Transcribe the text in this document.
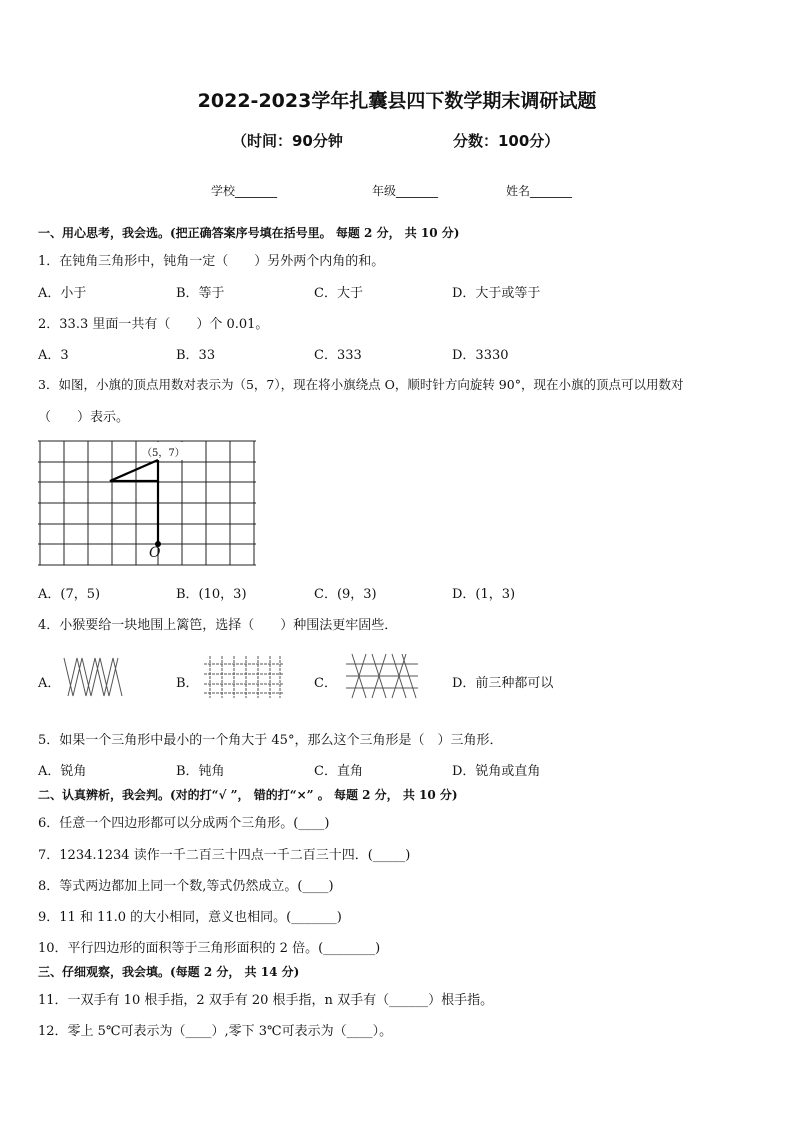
2022-2023学年扎囊县四下数学期末调研试题
（时间：90分钟	分数：100分）
学校_______	年级_______	姓名_______
一、用心思考，我会选。(把正确答案序号填在括号里。 每题 2 分， 共 10 分)
1．在钝角三角形中，钝角一定（　　）另外两个内角的和。
A．小于	B．等于	C．大于	D．大于或等于
2．33.3 里面一共有（　　）个 0.01。
A．3	B．33	C．333	D．3330
3．如图，小旗的顶点用数对表示为（5，7），现在将小旗绕点 O，顺时针方向旋转 90°，现在小旗的顶点可以用数对
（　　）表示。
（5，7）
O
A．(7，5)	B．(10，3)	C．(9，3)	D．(1，3)
4．小猴要给一块地围上篱笆，选择（　　）种围法更牢固些．
A．	B．	C．	D．前三种都可以
5．如果一个三角形中最小的一个角大于 45°，那么这个三角形是（　）三角形．
A．锐角	B．钝角	C．直角	D．锐角或直角
二、认真辨析，我会判。(对的打“√ ”， 错的打“×” 。 每题 2 分， 共 10 分)
6．任意一个四边形都可以分成两个三角形。(____)
7．1234.1234 读作一千二百三十四点一千二百三十四．(_____)
8．等式两边都加上同一个数,等式仍然成立。(____)
9．11 和 11.0 的大小相同，意义也相同。(_______)
10．平行四边形的面积等于三角形面积的 2 倍。(________)
三、仔细观察，我会填。(每题 2 分， 共 14 分)
11．一双手有 10 根手指，2 双手有 20 根手指，n 双手有（______）根手指。
12．零上 5℃可表示为（____）,零下 3℃可表示为（____）。
